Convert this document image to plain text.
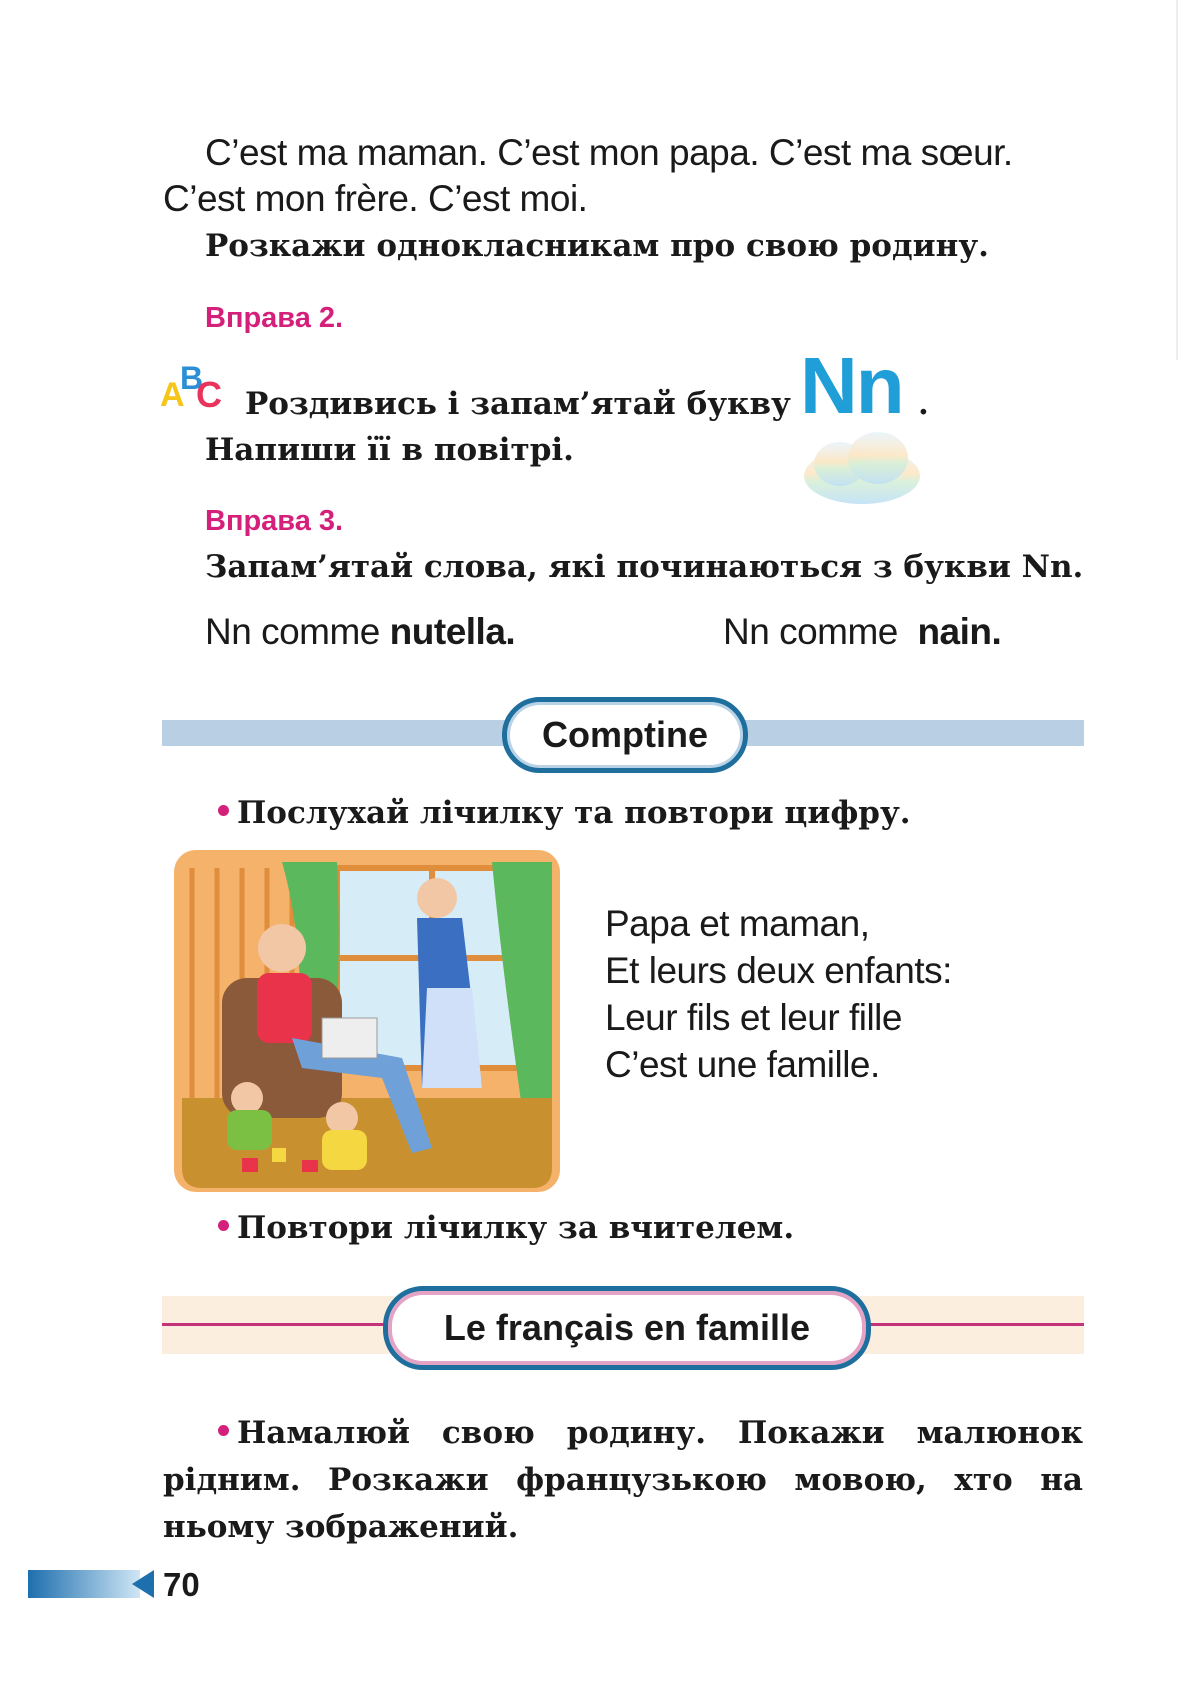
C’est ma maman. C’est mon papa. C’est ma sœur.
C’est mon frère. C’est moi.
Розкажи однокласникам про свою родину.
Вправа 2.
A
B
C Роздивись і запам’ятай букву Nn .
Напиши її в повітрі.
Вправа 3.
Запам’ятай слова, які починаються з букви Nn.
Nn comme nutella.	Nn comme nain.
Comptine
Послухай лічилку та повтори цифру.
Papa et maman,
Et leurs deux enfants:
Leur fils et leur fille
C’est une famille.
Повтори лічилку за вчителем.
Le français en famille
Намалюй свою родину. Покажи малюнок
рідним. Розкажи французькою мовою, хто на
ньому зображений.
70
